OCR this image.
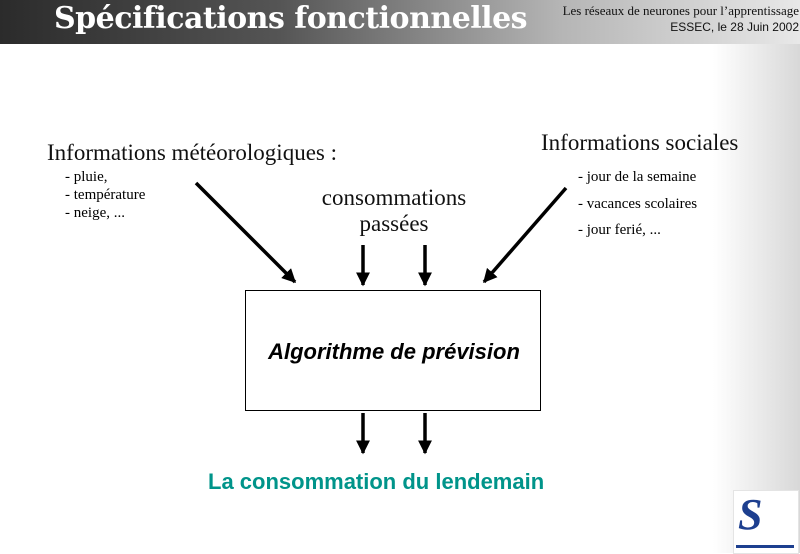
Spécifications fonctionnelles	Les réseaux de neurones pour l’apprentissage
ESSEC, le 28 Juin 2002
S
Informations météorologiques :
- pluie,
- température
- neige, ...
consommations
passées
Informations sociales
- jour de la semaine
- vacances scolaires
- jour ferié, ...
Algorithme de prévision
La consommation du lendemain
